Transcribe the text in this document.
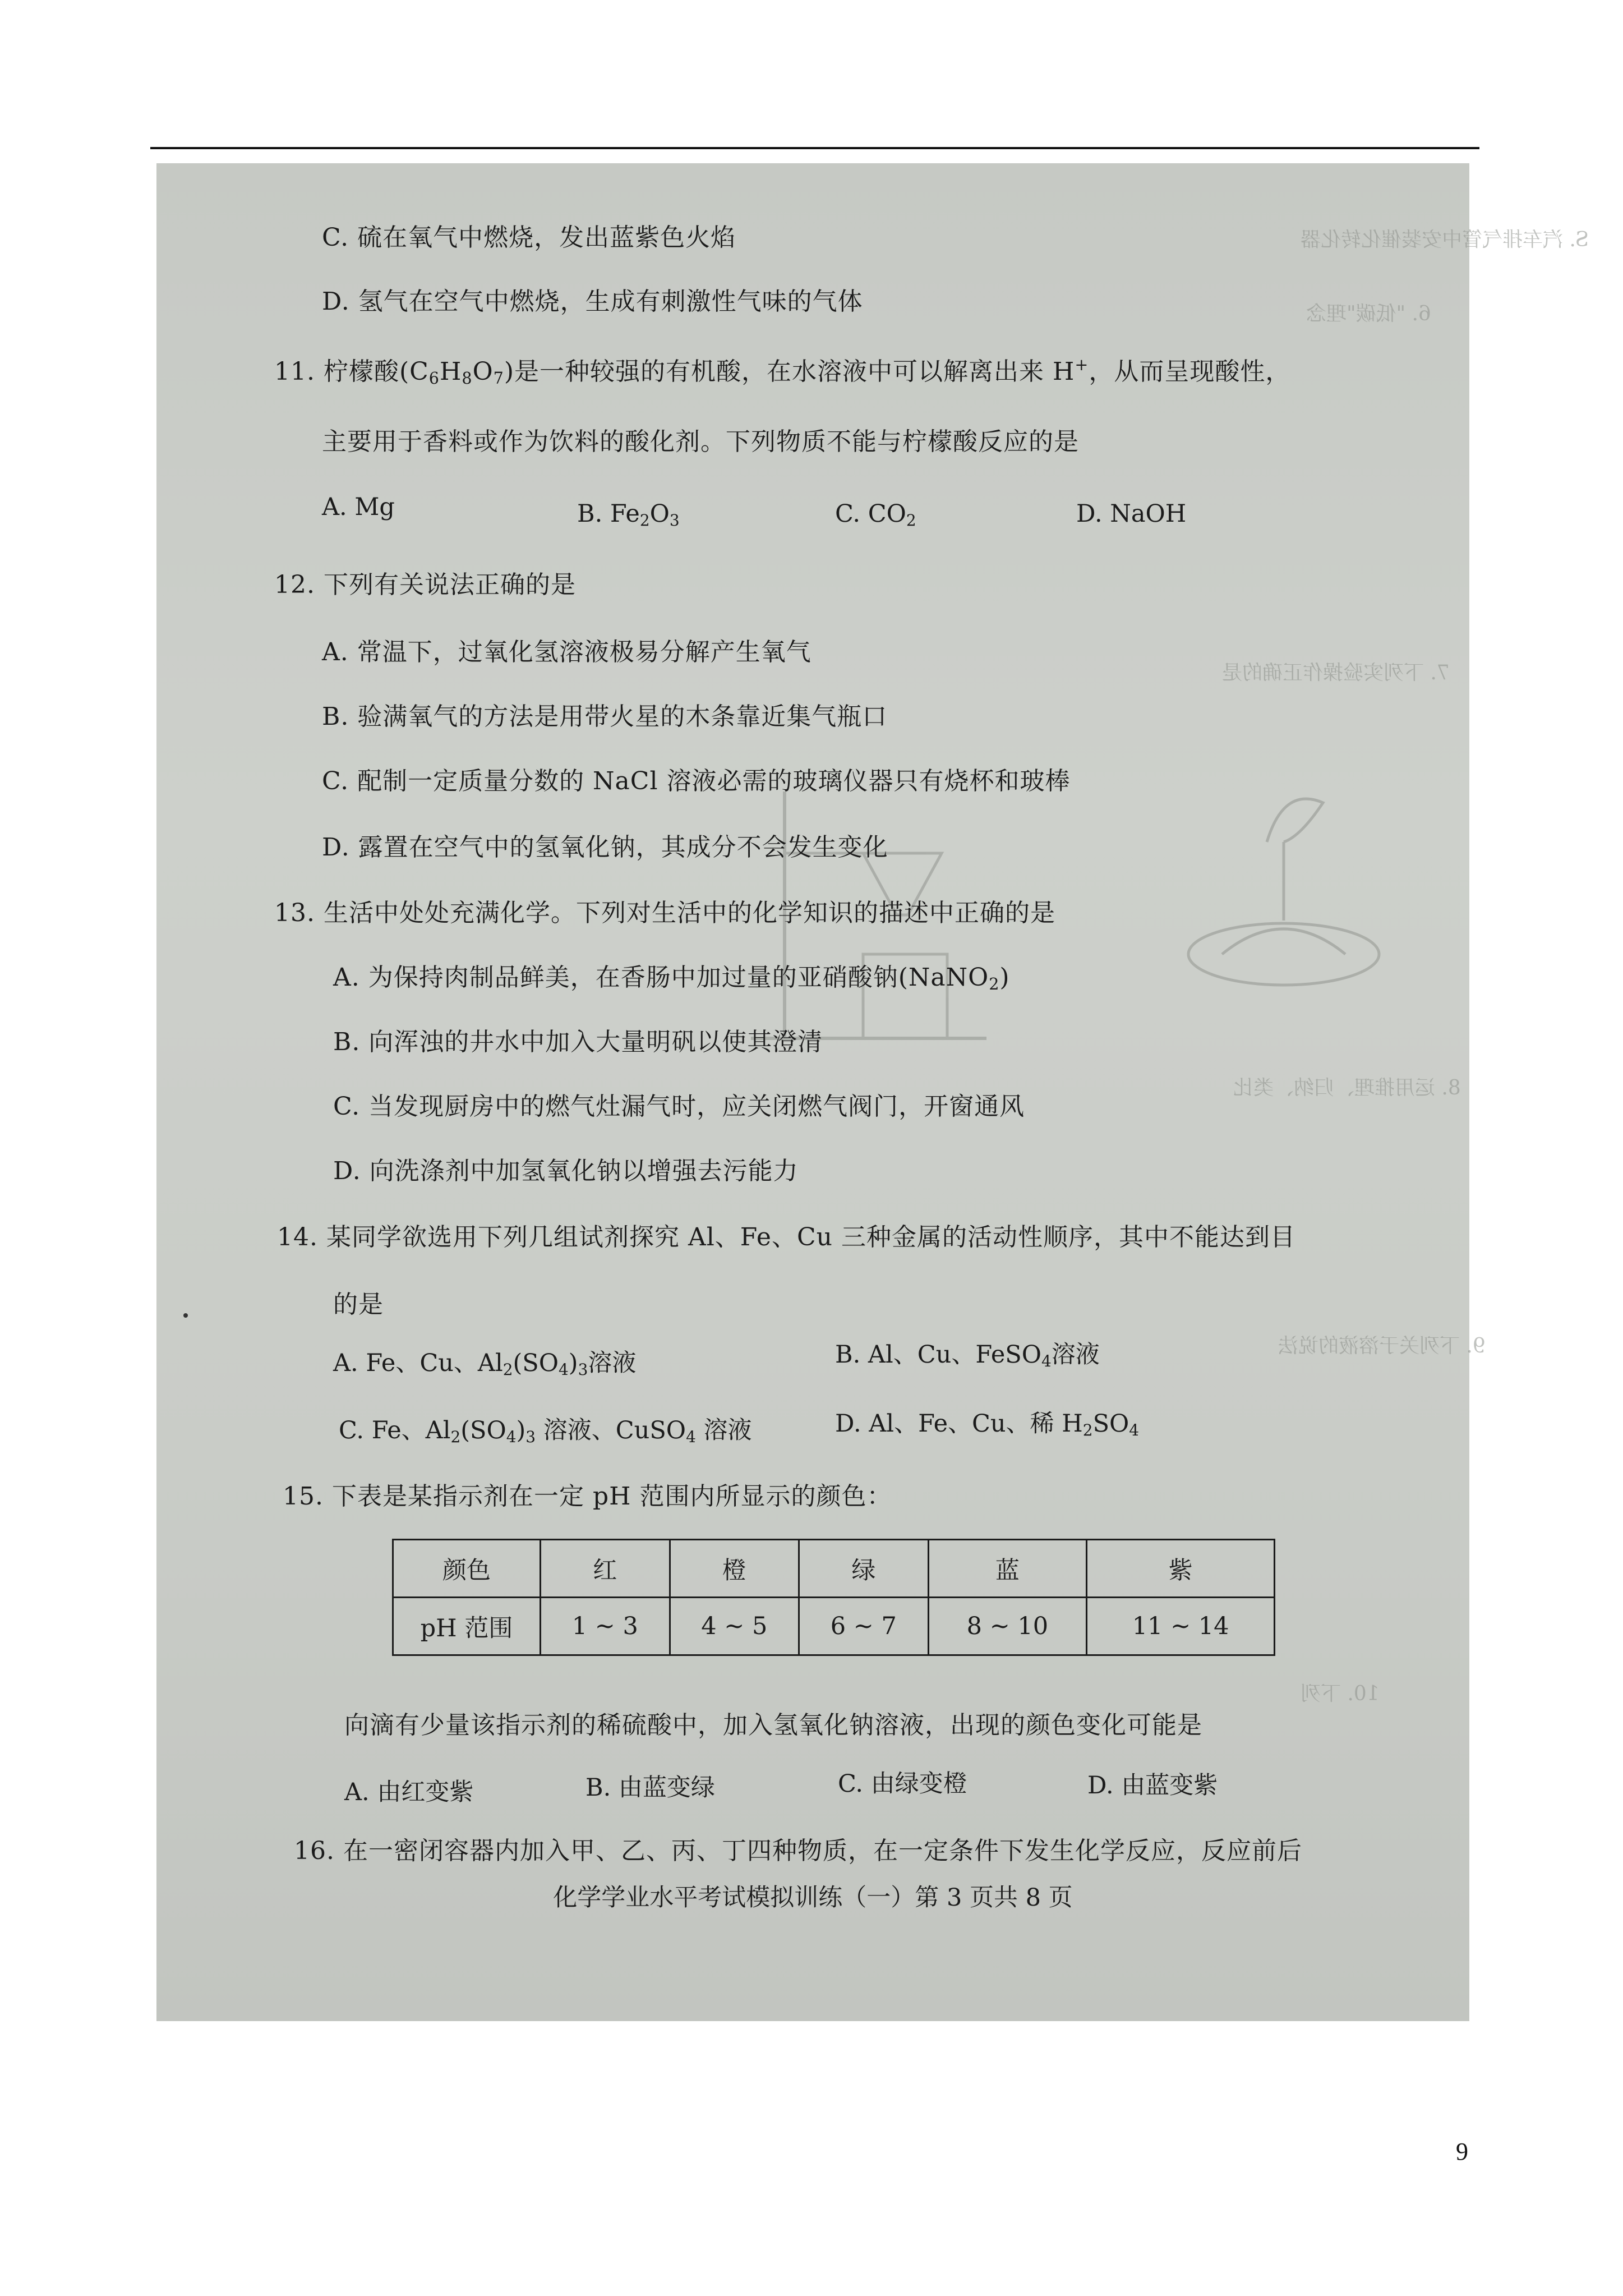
S. 汽车排气管中安装催化转化器
6. "低碳"理念
7. 下列实验操作正确的是
8. 运用推理、归纳、类比
9. 下列关于溶液的说法
10. 下列
C. 硫在氧气中燃烧，发出蓝紫色火焰
D. 氢气在空气中燃烧，生成有刺激性气味的气体
11. 柠檬酸$(C_6H_8O_7)$是一种较强的有机酸，在水溶液中可以解离出来 H+，从而呈现酸性，
主要用于香料或作为饮料的酸化剂。下列物质不能与柠檬酸反应的是
A. Mg	B. $Fe_2O_3$	C. $CO_2$	D. NaOH
12. 下列有关说法正确的是
A. 常温下，过氧化氢溶液极易分解产生氧气
B. 验满氧气的方法是用带火星的木条靠近集气瓶口
C. 配制一定质量分数的 NaCl 溶液必需的玻璃仪器只有烧杯和玻棒
D. 露置在空气中的氢氧化钠，其成分不会发生变化
13. 生活中处处充满化学。下列对生活中的化学知识的描述中正确的是
A. 为保持肉制品鲜美，在香肠中加过量的亚硝酸钠(NaNO$_2$)
B. 向浑浊的井水中加入大量明矾以使其澄清
C. 当发现厨房中的燃气灶漏气时，应关闭燃气阀门，开窗通风
D. 向洗涤剂中加氢氧化钠以增强去污能力
14. 某同学欲选用下列几组试剂探究 Al、Fe、Cu 三种金属的活动性顺序，其中不能达到目
的是
A. Fe、Cu、$Al_2(SO_4)_3$溶液	B. Al、Cu、FeSO$_4$溶液
C. Fe、$Al_2(SO_4)_3$ 溶液、CuSO$_4$ 溶液	D. Al、Fe、Cu、稀 $H_2SO_4$
15. 下表是某指示剂在一定 pH 范围内所显示的颜色：
颜色	红	橙	绿	蓝	紫
pH 范围	1 ~ 3	4 ~ 5	6 ~ 7	8 ~ 10	11 ~ 14
向滴有少量该指示剂的稀硫酸中，加入氢氧化钠溶液，出现的颜色变化可能是
A. 由红变紫	B. 由蓝变绿	C. 由绿变橙	D. 由蓝变紫
16. 在一密闭容器内加入甲、乙、丙、丁四种物质，在一定条件下发生化学反应，反应前后
化学学业水平考试模拟训练（一）第 3 页共 8 页
9
